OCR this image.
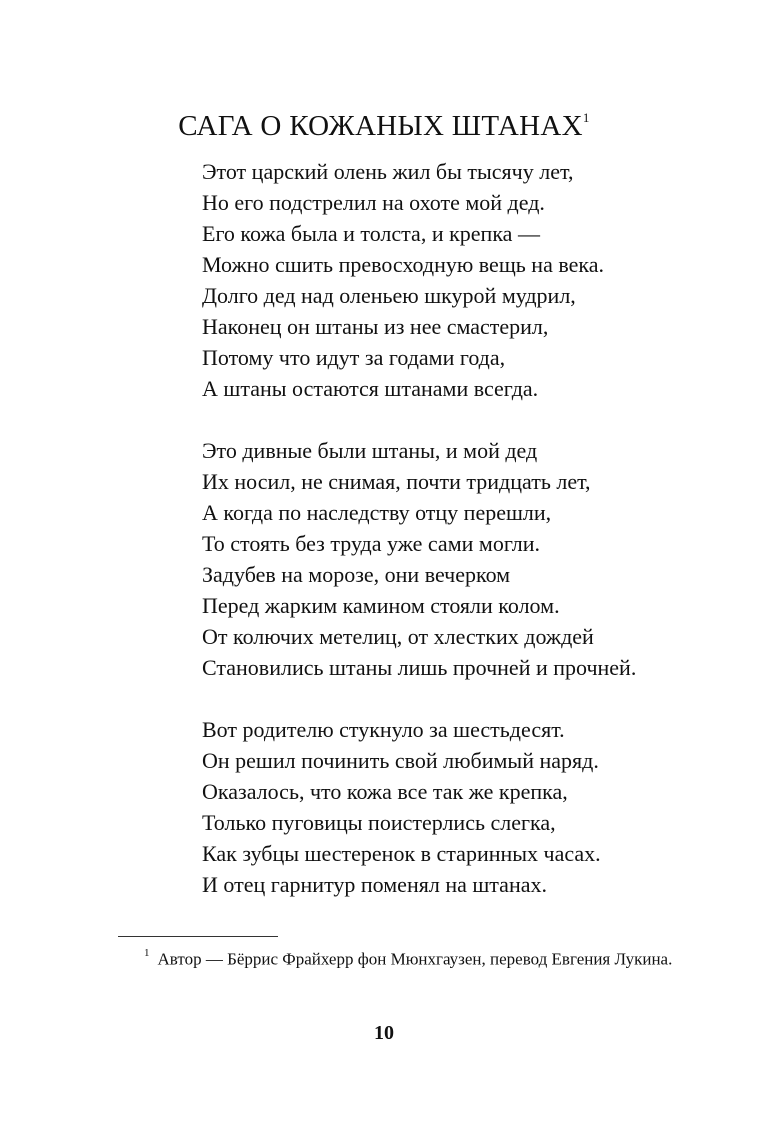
САГА О КОЖАНЫХ ШТАНАХ$^1$
Этот царский олень жил бы тысячу лет,
Но его подстрелил на охоте мой дед.
Его кожа была и толста, и крепка —
Можно сшить превосходную вещь на века.
Долго дед над оленьею шкурой мудрил,
Наконец он штаны из нее смастерил,
Потому что идут за годами года,
А штаны остаются штанами всегда.
Это дивные были штаны, и мой дед
Их носил, не снимая, почти тридцать лет,
А когда по наследству отцу перешли,
То стоять без труда уже сами могли.
Задубев на морозе, они вечерком
Перед жарким камином стояли колом.
От колючих метелиц, от хлестких дождей
Становились штаны лишь прочней и прочней.
Вот родителю стукнуло за шестьдесят.
Он решил починить свой любимый наряд.
Оказалось, что кожа все так же крепка,
Только пуговицы поистерлись слегка,
Как зубцы шестеренок в старинных часах.
И отец гарнитур поменял на штанах.
$^1$ Автор — Бёррис Фрайхерр фон Мюнхгаузен, перевод Евгения Лукина.
10
